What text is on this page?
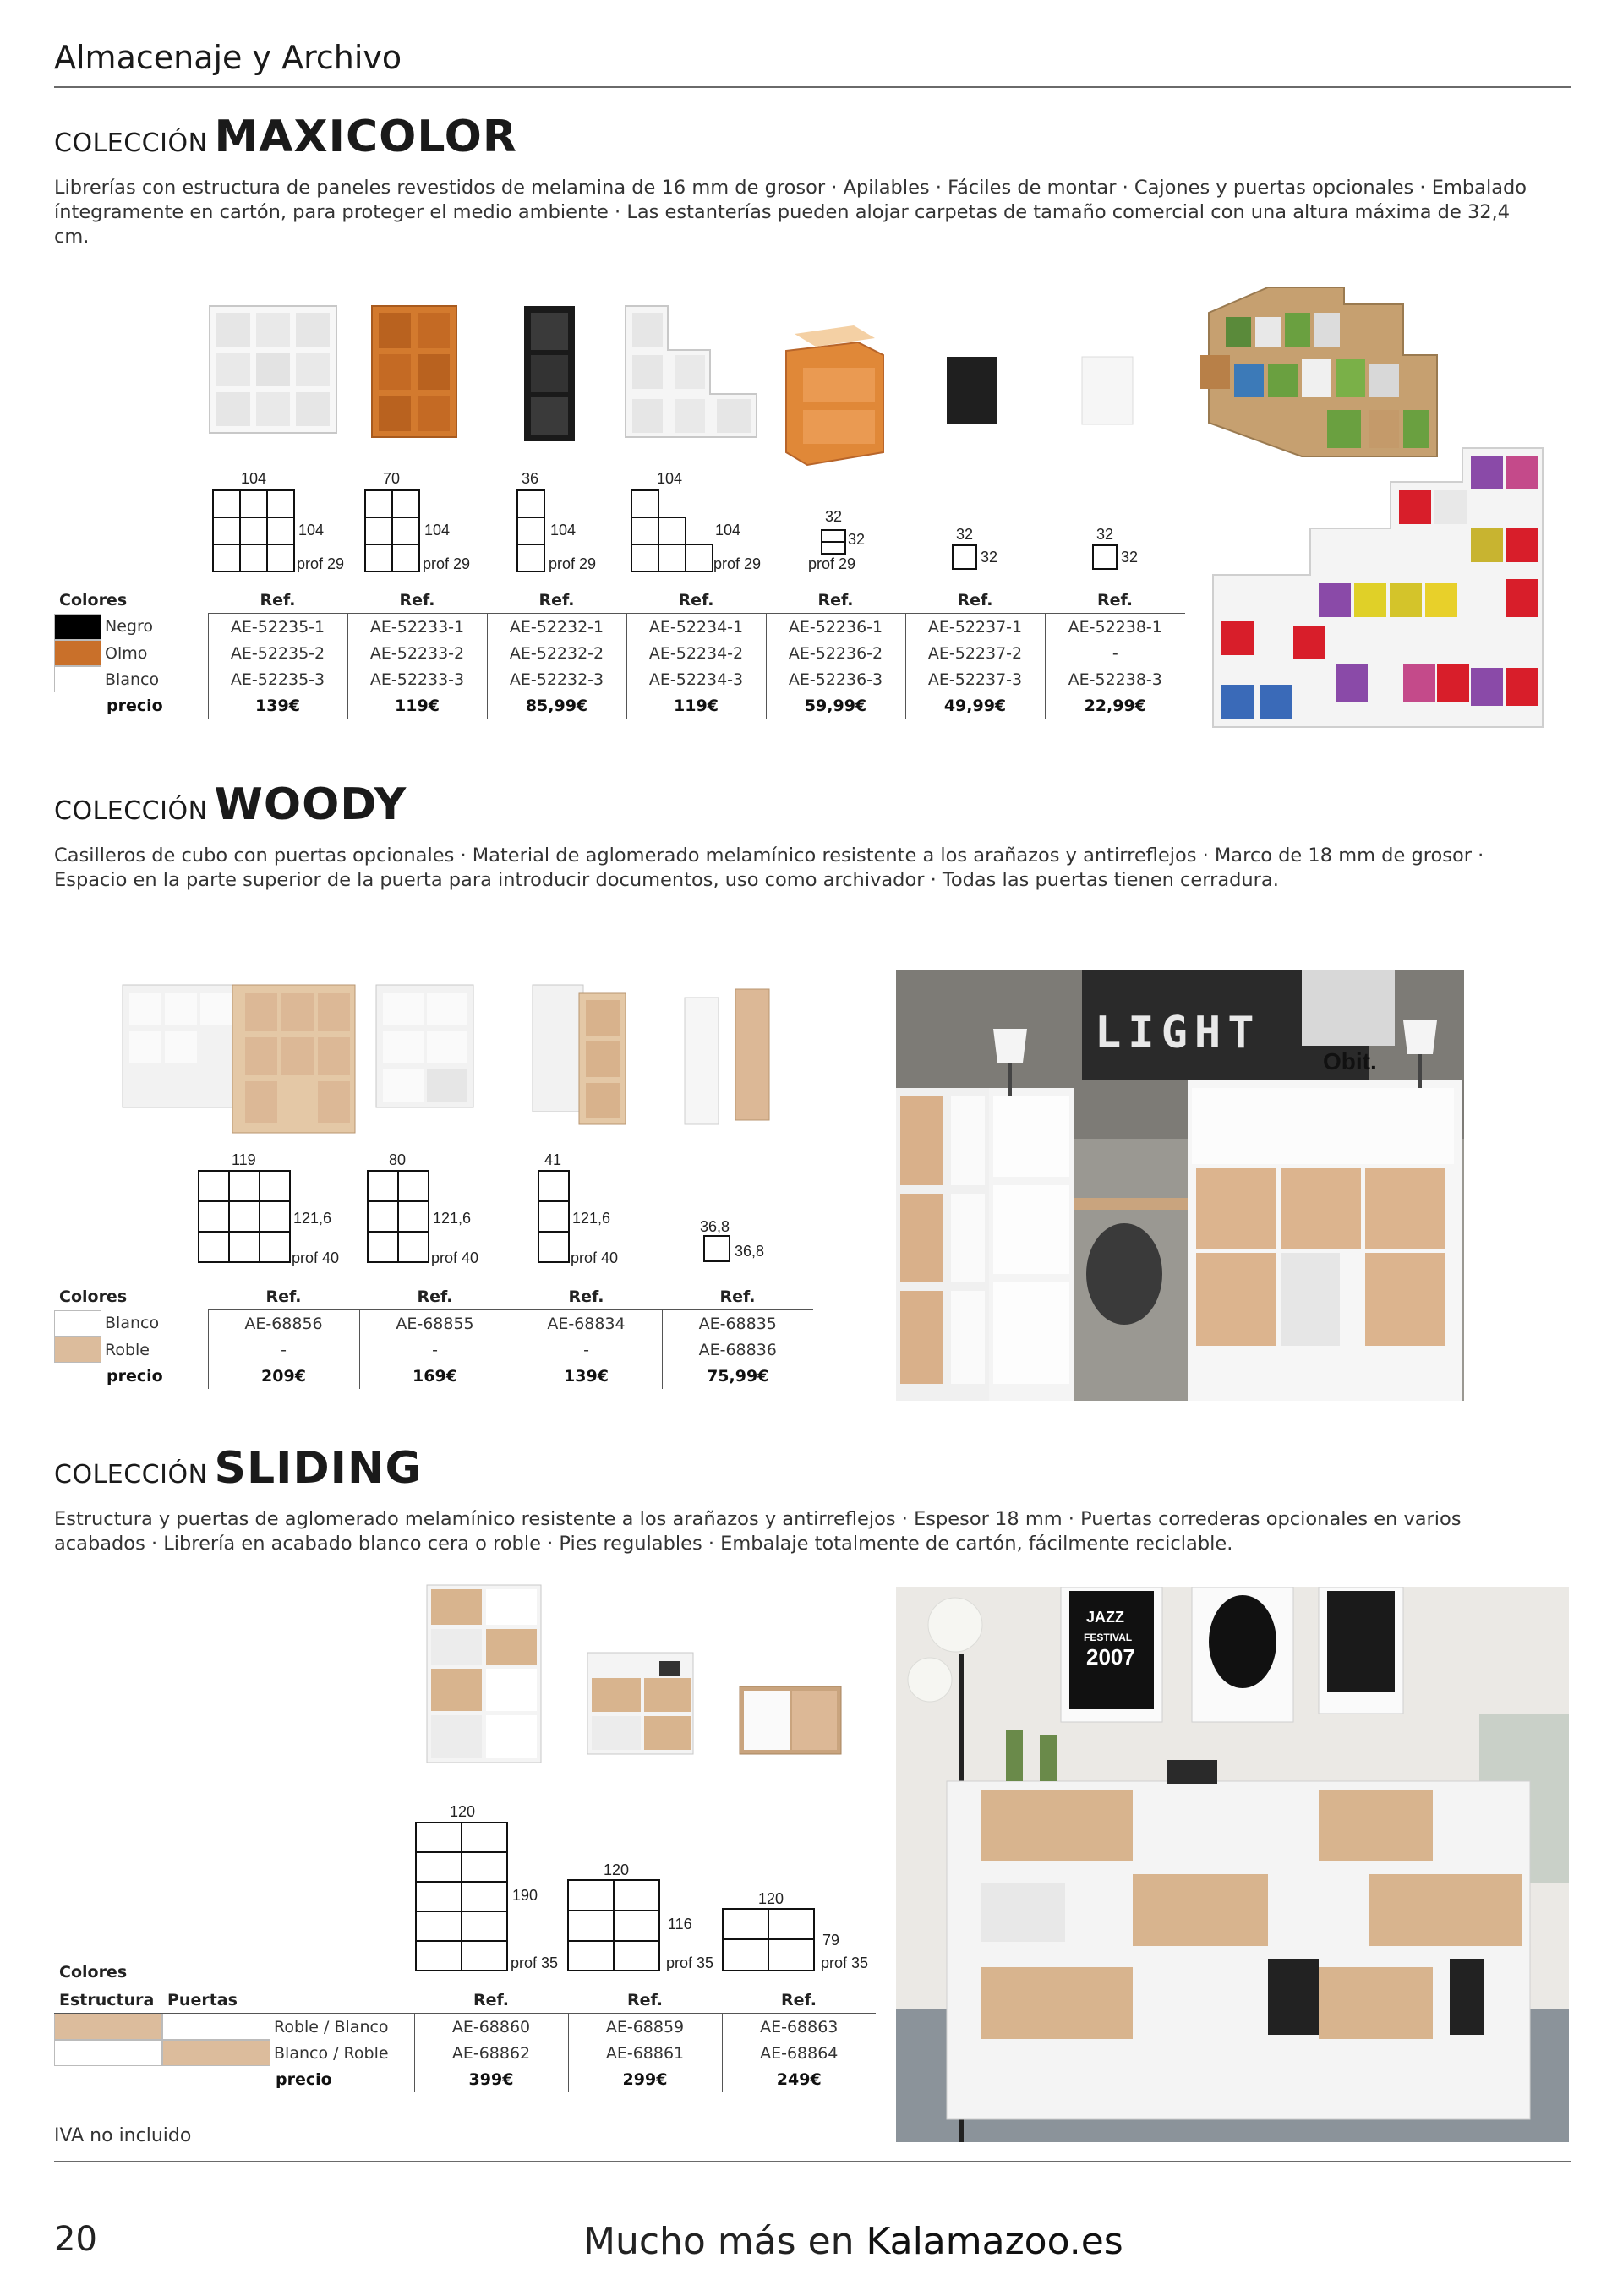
Almacenaje y Archivo
COLECCIÓN MAXICOLOR
Librerías con estructura de paneles revestidos de melamina de 16 mm de grosor · Apilables · Fáciles de montar · Cajones y puertas opcionales · Embalado
íntegramente en cartón, para proteger el medio ambiente · Las estanterías pueden alojar carpetas de tamaño comercial con una altura máxima de 32,4 cm.
104
104
prof 29
70
104
prof 29
36
104
prof 29
104
104
prof 29
32
32
prof 29
32
32
32
32
Colores		Ref.	Ref.	Ref.	Ref.	Ref.	Ref.	Ref.

	Negro	AE-52235-1	AE-52233-1	AE-52232-1	AE-52234-1	AE-52236-1	AE-52237-1	AE-52238-1

	Olmo	AE-52235-2	AE-52233-2	AE-52232-2	AE-52234-2	AE-52236-2	AE-52237-2	-

	Blanco	AE-52235-3	AE-52233-3	AE-52232-3	AE-52234-3	AE-52236-3	AE-52237-3	AE-52238-3
	precio	139€	119€	85,99€	119€	59,99€	49,99€	22,99€
COLECCIÓN WOODY
Casilleros de cubo con puertas opcionales · Material de aglomerado melamínico resistente a los arañazos y antirreflejos · Marco de 18 mm de grosor ·
Espacio en la parte superior de la puerta para introducir documentos, uso como archivador · Todas las puertas tienen cerradura.
119
121,6
prof 40
80
121,6
prof 40
41
121,6
prof 40
36,8
36,8
Colores		Ref.	Ref.	Ref.	Ref.

	Blanco	AE-68856	AE-68855	AE-68834	AE-68835

	Roble	-	-	-	AE-68836
	precio	209€	169€	139€	75,99€
LIGHT
Obit.
COLECCIÓN SLIDING
Estructura y puertas de aglomerado melamínico resistente a los arañazos y antirreflejos · Espesor 18 mm · Puertas correderas opcionales en varios
acabados · Librería en acabado blanco cera o roble · Pies regulables · Embalaje totalmente de cartón, fácilmente reciclable.
120
190
prof 35
120
116
prof 35
120
79
prof 35
Colores
Estructura	Puertas		Ref.	Ref.	Ref.

	Roble / Blanco	AE-68860	AE-68859	AE-68863

	Blanco / Roble	AE-68862	AE-68861	AE-68864
		precio	399€	299€	249€
JAZZ
FESTIVAL
2007
IVA no incluido
20	Mucho más en Kalamazoo.es
